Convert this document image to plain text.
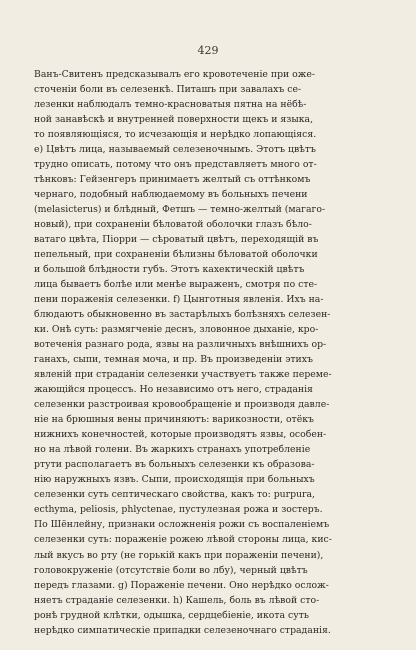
429
Ванъ-Свитенъ предсказывалъ его кровотеченіе при ожe-
сточеніи боли въ селезенкѣ. Питашъ при завалахъ се-
лезенки наблюдалъ темно-красноватыя пятна на нёбѣ-
ной занавѣскѣ и внутренней поверхности щекъ и языка,
то появляющіяся, то исчезающія и нерѣдко лопающіяся.
e) Цвѣтъ лица, называемый селезеночнымъ. Этотъ цвѣтъ
трудно описать, потому что онъ представляетъ много от-
тѣнковъ: Гейзенгеръ принимаетъ желтый съ оттѣнкомъ
чернаго, подобный наблюдаемому въ больныхъ печени
(melasicterus) и блѣдный, Фетшъ — темно-желтый (магаго-
новый), при сохраненіи бѣловатой оболочки глазъ бѣло-
ватаго цвѣта, Піорри — сѣроватый цвѣтъ, переходящій въ
пепельный, при сохраненіи бѣлизны бѣловатой оболочки
и большой блѣдности губъ. Этотъ кахектическій цвѣтъ
лица бываетъ болѣе или менѣе выраженъ, смотря по сте-
пени пораженія селезенки. f) Цынготныя явленія. Ихъ на-
блюдаютъ обыкновенно въ застарѣлыхъ болѣзняхъ селезен-
ки. Онѣ суть: размягченіе деснъ, зловонное дыханіе, кро-
вотеченія разнаго рода, язвы на различныхъ внѣшнихъ ор-
ганахъ, сыпи, темная моча, и пр. Въ произведеніи этихъ
явленій при страданіи селезенки участвуетъ также переме-
жающійся процессъ. Но независимо отъ него, страданія
селезенки разстроивая кровообращеніе и производя давле-
ніе на брюшныя вены причиняютъ: варикозности, отёкъ
нижнихъ конечностей, которые производятъ язвы, особен-
но на лѣвой голени. Въ жаркихъ странахъ употребленіе
ртути располагаетъ въ больныхъ селезенки къ образова-
нію наружныхъ язвъ. Сыпи, происходящія при больныхъ
селезенки суть септическаго свойства, какъ то: purpura,
ecthyma, peliosis, phlyctenae, пустулезная рожа и зостеръ.
По Шёнлейну, признаки осложненія рожи съ воспаленіемъ
селезенки суть: пораженіе рожею лѣвой стороны лица, кис-
лый вкусъ во рту (не горькій какъ при пораженіи печени),
головокруженіе (отсутствіе боли во лбу), черный цвѣтъ
передъ глазами. g) Пораженіе печени. Оно нерѣдко ослож-
няетъ страданіе селезенки. h) Кашель, боль въ лѣвой сто-
ронѣ грудной клѣтки, одышка, сердцебіеніе, икота суть
нерѣдко симпатическіе припадки селезеночнаго страданія.
